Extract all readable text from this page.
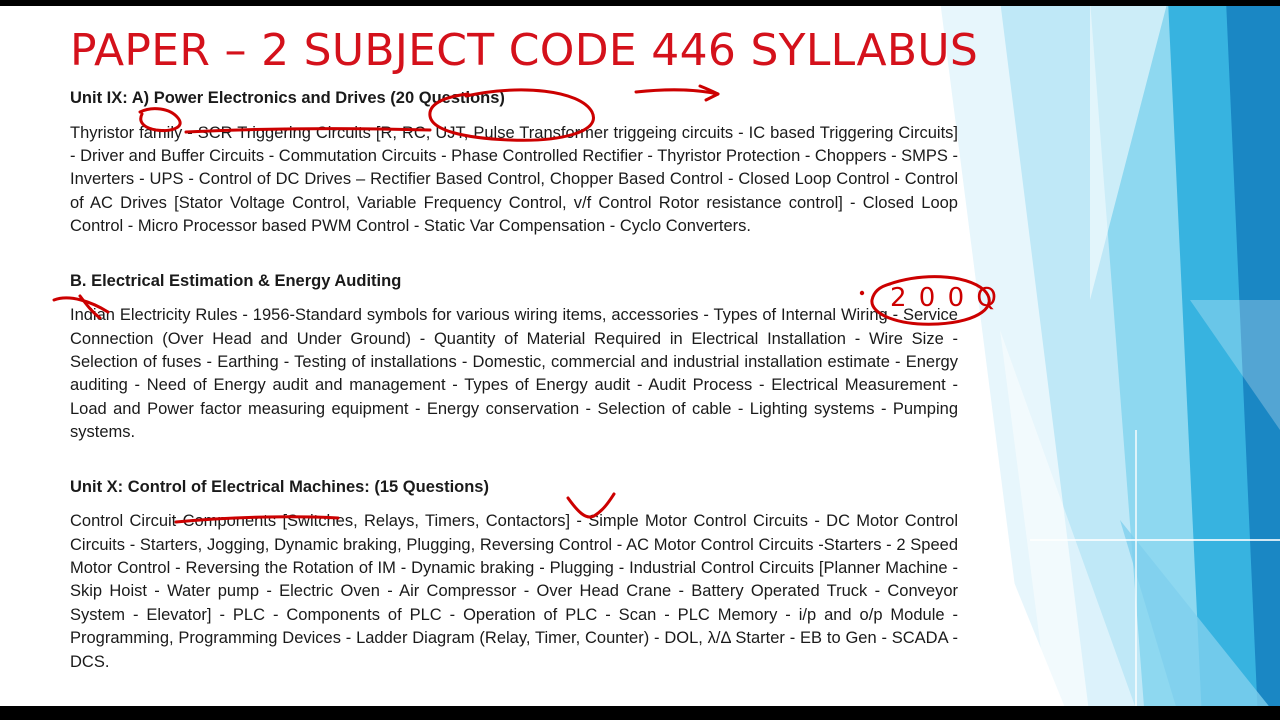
PAPER – 2 SUBJECT CODE 446 SYLLABUS
Unit IX: A) Power Electronics and Drives (20 Questions)

Thyristor family - SCR Triggering Circuits [R, RC, UJT, Pulse Transformer triggeing circuits - IC based Triggering Circuits] - Driver and Buffer Circuits - Commutation Circuits - Phase Controlled Rectifier - Thyristor Protection - Choppers - SMPS - Inverters - UPS - Control of DC Drives – Rectifier Based Control, Chopper Based Control - Closed Loop Control - Control of AC Drives [Stator Voltage Control, Variable Frequency Control, v/f Control Rotor resistance control] - Closed Loop Control - Micro Processor based PWM Control - Static Var Compensation - Cyclo Converters.

B. Electrical Estimation & Energy Auditing

Indian Electricity Rules - 1956-Standard symbols for various wiring items, accessories - Types of Internal Wiring - Service Connection (Over Head and Under Ground) - Quantity of Material Required in Electrical Installation - Wire Size - Selection of fuses - Earthing - Testing of installations - Domestic, commercial and industrial installation estimate - Energy auditing - Need of Energy audit and management - Types of Energy audit - Audit Process - Electrical Measurement - Load and Power factor measuring equipment - Energy conservation - Selection of cable - Lighting systems - Pumping systems.

Unit X: Control of Electrical Machines: (15 Questions)

Control Circuit Components [Switches, Relays, Timers, Contactors] - Simple Motor Control Circuits - DC Motor Control Circuits - Starters, Jogging, Dynamic braking, Plugging, Reversing Control - AC Motor Control Circuits -Starters - 2 Speed Motor Control - Reversing the Rotation of IM - Dynamic braking - Plugging - Industrial Control Circuits [Planner Machine - Skip Hoist - Water pump - Electric Oven - Air Compressor - Over Head Crane - Battery Operated Truck - Conveyor System - Elevator] - PLC - Components of PLC - Operation of PLC - Scan - PLC Memory - i/p and o/p Module - Programming, Programming Devices - Ladder Diagram (Relay, Timer, Counter) - DOL, λ/Δ Starter - EB to Gen - SCADA - DCS.

2 0 0 Q
